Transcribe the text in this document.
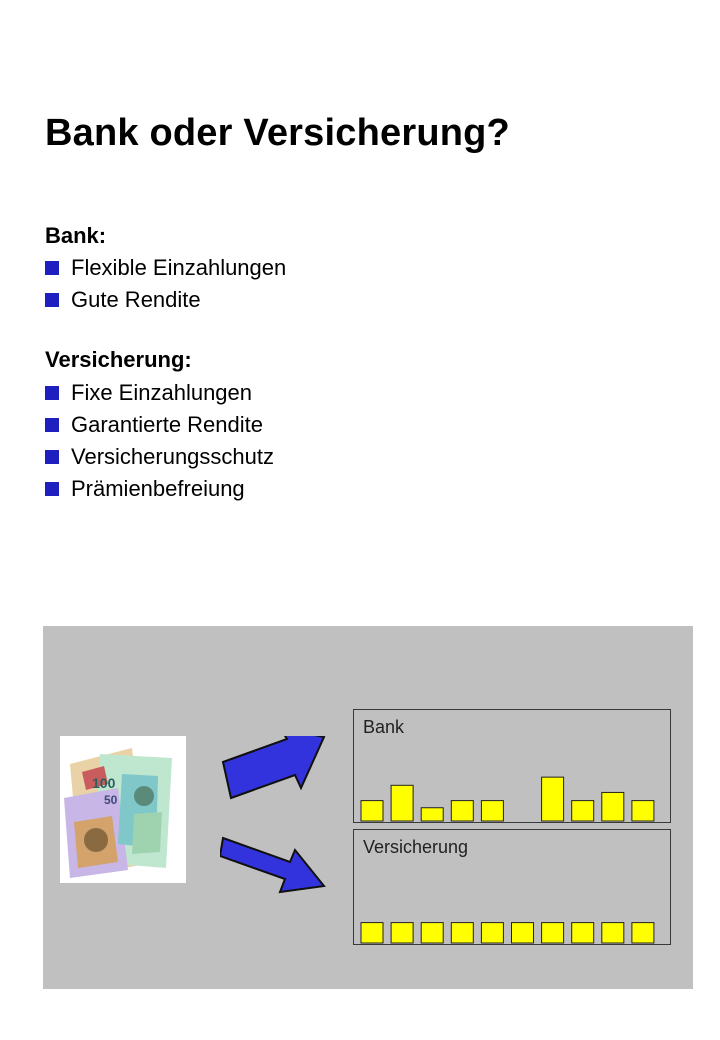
Bank oder Versicherung?
Bank:
Flexible Einzahlungen
Gute Rendite
Versicherung:
Fixe Einzahlungen
Garantierte Rendite
Versicherungsschutz
Prämienbefreiung
100
50
Bank
Versicherung
